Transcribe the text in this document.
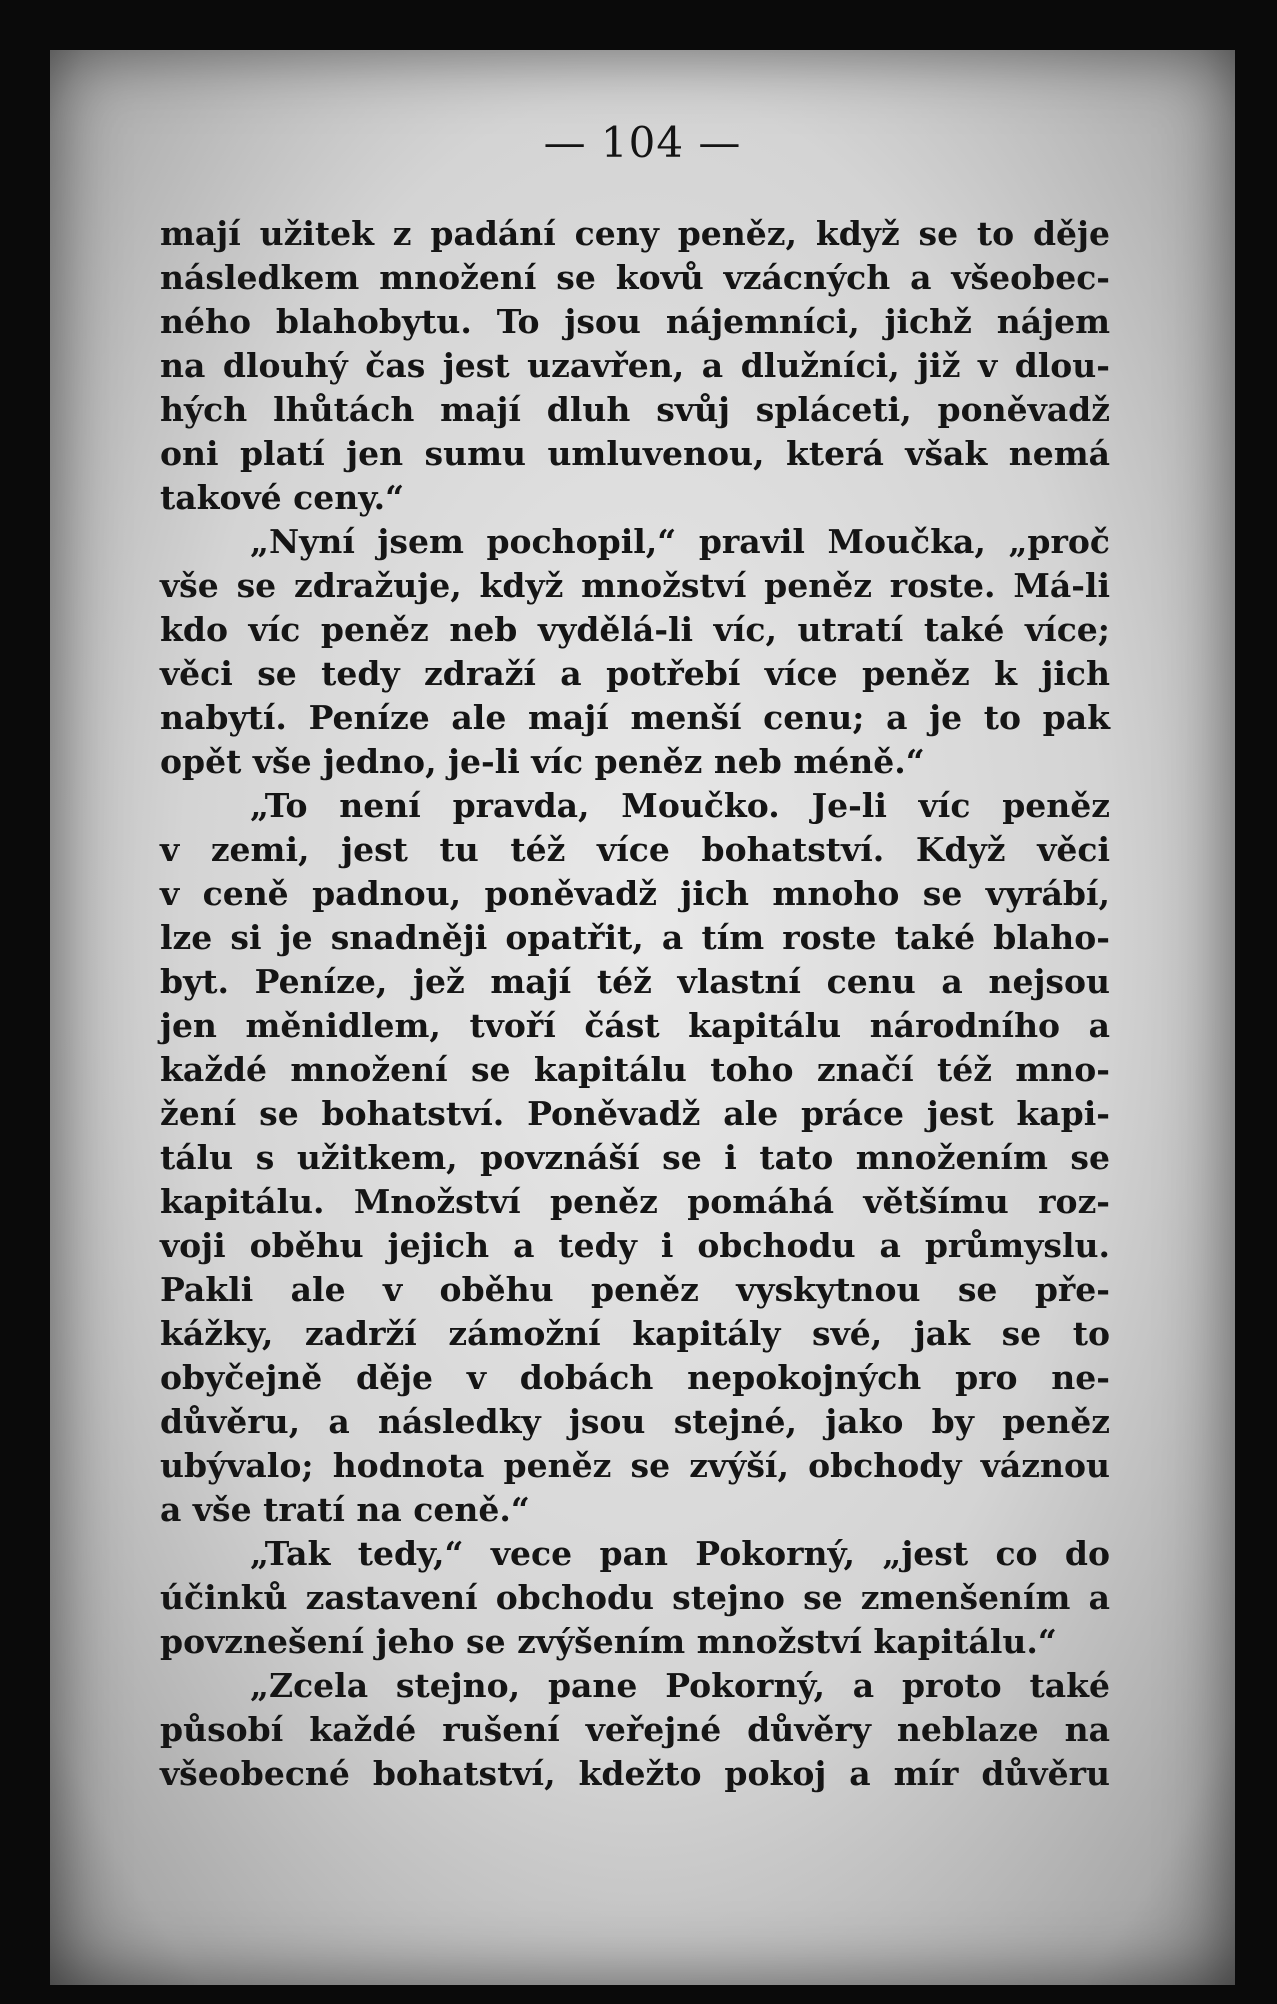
— 104 —
mají užitek z padání ceny peněz, když se to děje
následkem množení se kovů vzácných a všeobec-
ného blahobytu. To jsou nájemníci, jichž nájem
na dlouhý čas jest uzavřen, a dlužníci, již v dlou-
hých lhůtách mají dluh svůj spláceti, poněvadž
oni platí jen sumu umluvenou, která však nemá
takové ceny.“
„Nyní jsem pochopil,“ pravil Moučka, „proč
vše se zdražuje, když množství peněz roste. Má-li
kdo víc peněz neb vydělá-li víc, utratí také více;
věci se tedy zdraží a potřebí více peněz k jich
nabytí. Peníze ale mají menší cenu; a je to pak
opět vše jedno, je-li víc peněz neb méně.“
„To není pravda, Moučko. Je-li víc peněz
v zemi, jest tu též více bohatství. Když věci
v ceně padnou, poněvadž jich mnoho se vyrábí,
lze si je snadněji opatřit, a tím roste také blaho-
byt. Peníze, jež mají též vlastní cenu a nejsou
jen měnidlem, tvoří část kapitálu národního a
každé množení se kapitálu toho značí též mno-
žení se bohatství. Poněvadž ale práce jest kapi-
tálu s užitkem, povznáší se i tato množením se
kapitálu. Množství peněz pomáhá většímu roz-
voji oběhu jejich a tedy i obchodu a průmyslu.
Pakli ale v oběhu peněz vyskytnou se pře-
kážky, zadrží zámožní kapitály své, jak se to
obyčejně děje v dobách nepokojných pro ne-
důvěru, a následky jsou stejné, jako by peněz
ubývalo; hodnota peněz se zvýší, obchody váznou
a vše tratí na ceně.“
„Tak tedy,“ vece pan Pokorný, „jest co do
účinků zastavení obchodu stejno se zmenšením a
povznešení jeho se zvýšením množství kapitálu.“
„Zcela stejno, pane Pokorný, a proto také
působí každé rušení veřejné důvěry neblaze na
všeobecné bohatství, kdežto pokoj a mír důvěru
